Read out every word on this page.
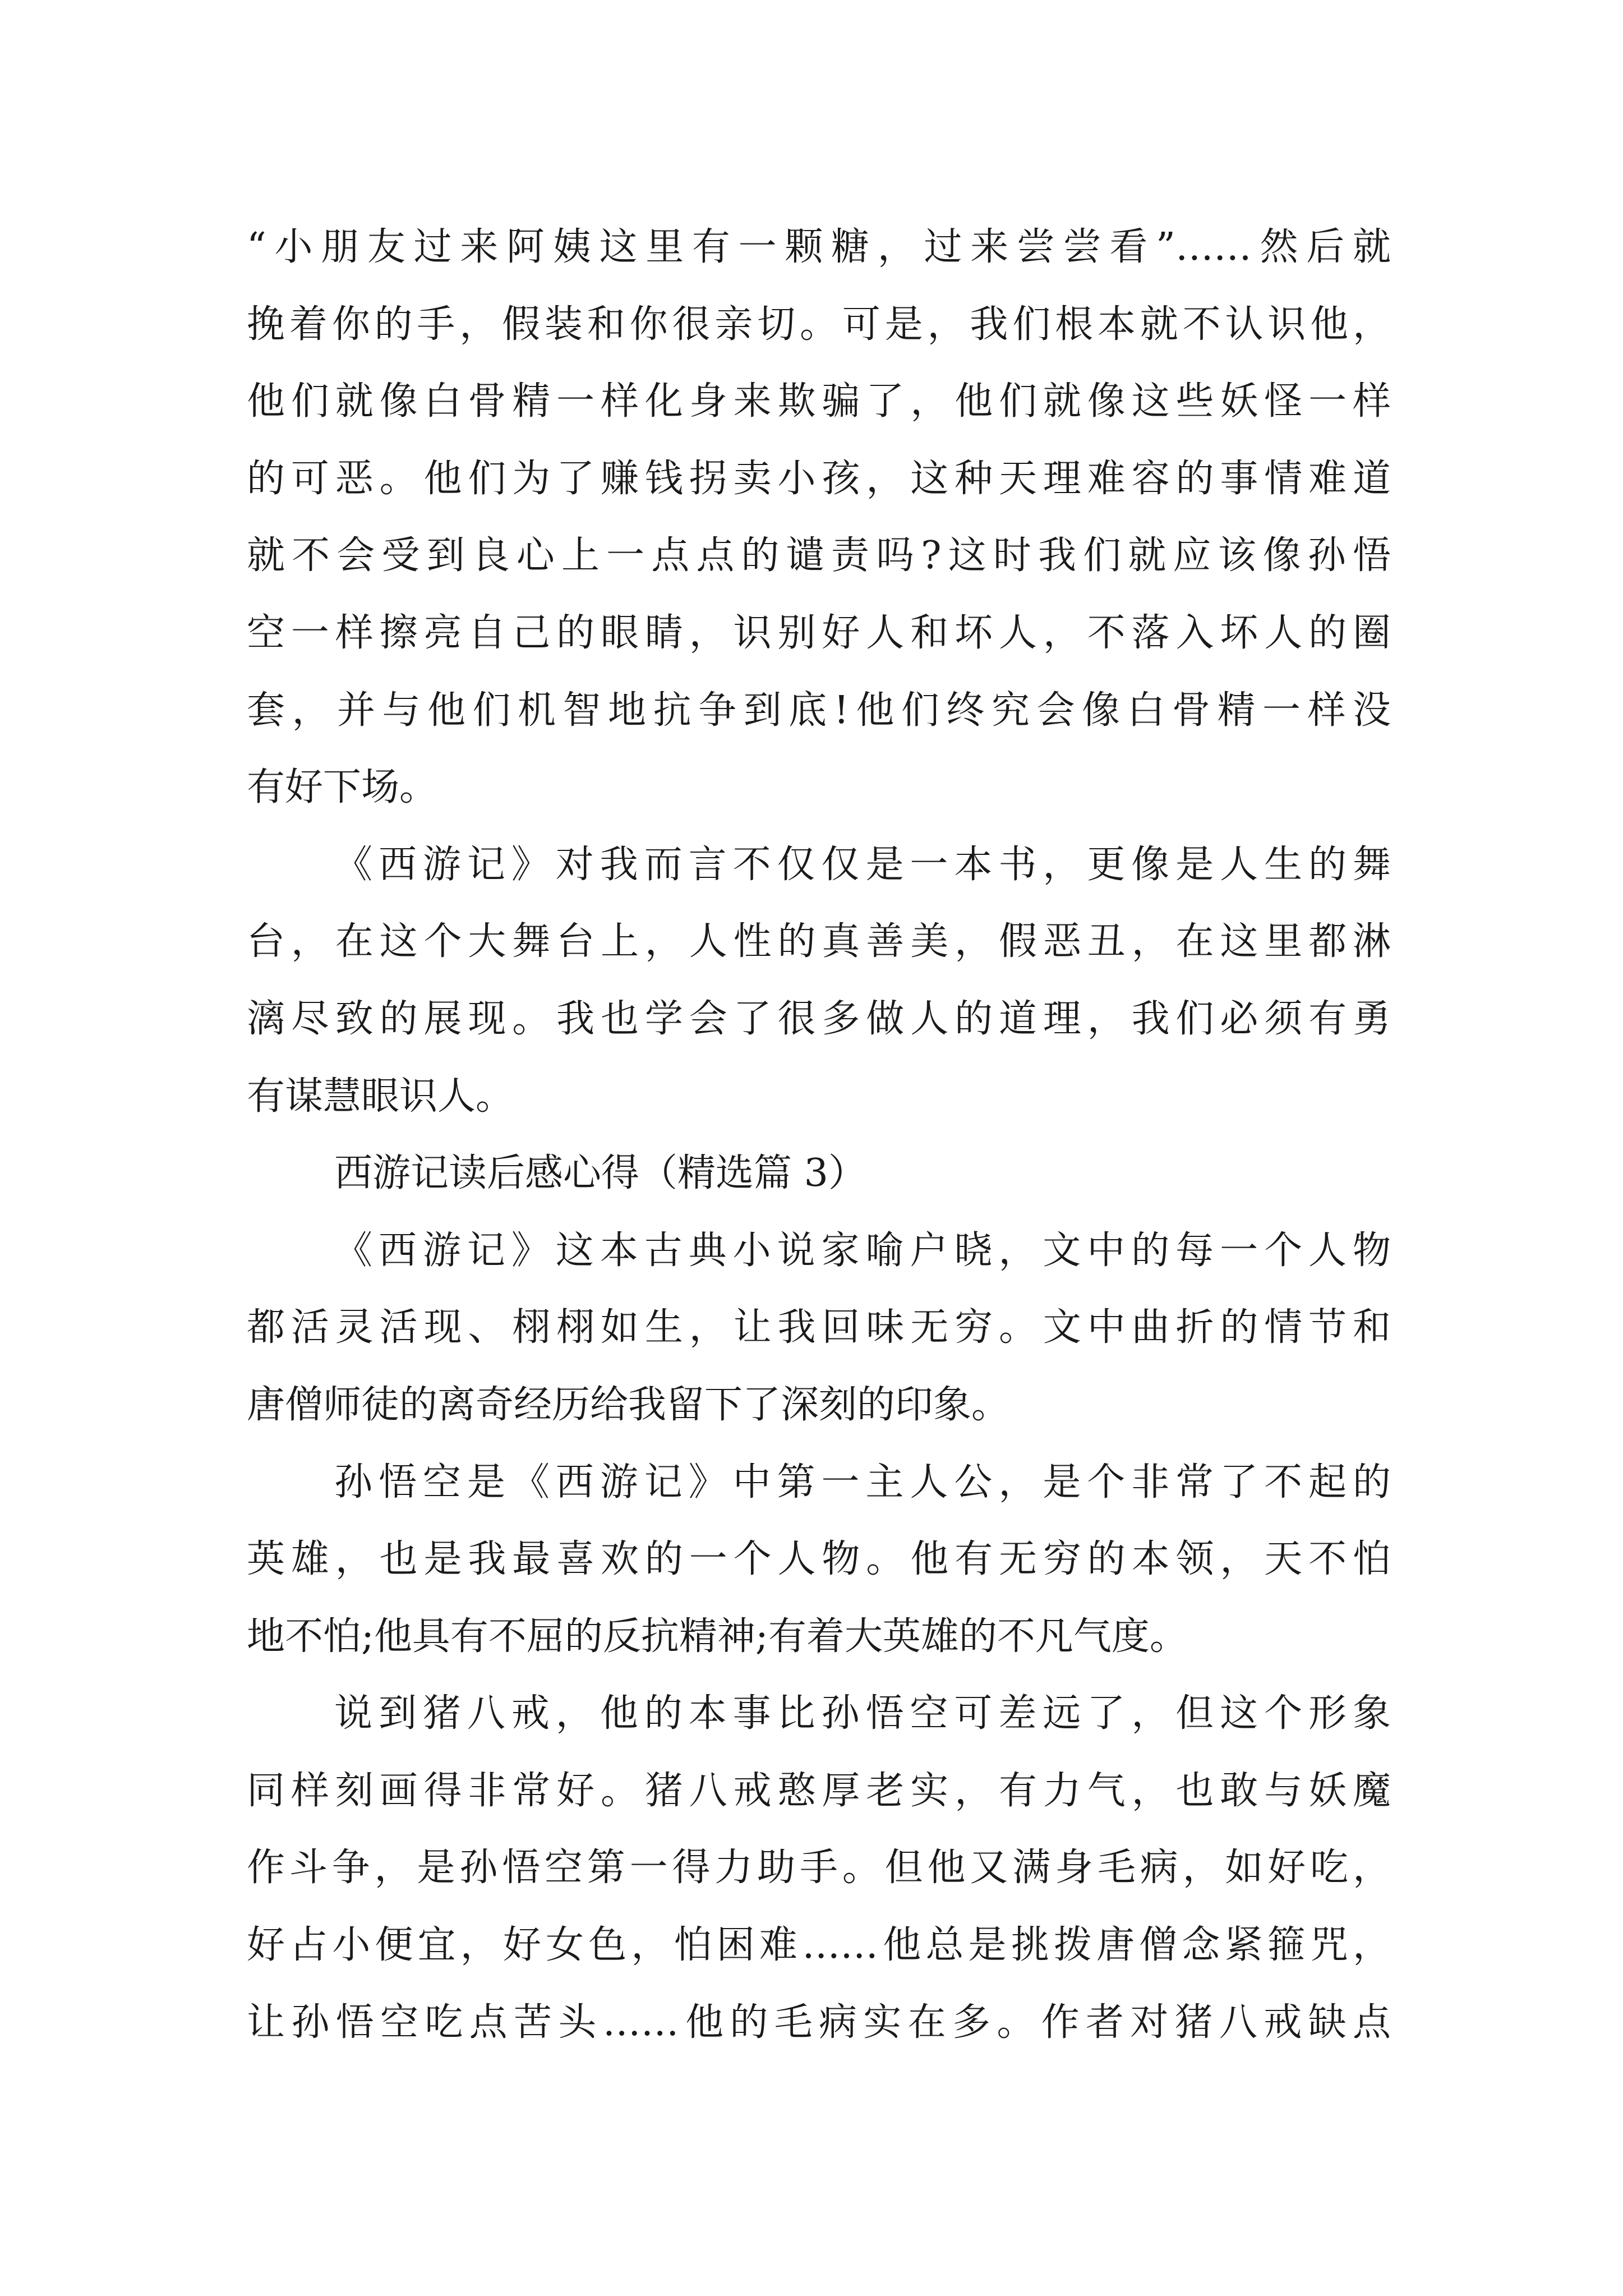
“小朋友过来阿姨这里有一颗糖，过来尝尝看”……然后就
挽着你的手，假装和你很亲切。可是，我们根本就不认识他，
他们就像白骨精一样化身来欺骗了，他们就像这些妖怪一样
的可恶。他们为了赚钱拐卖小孩，这种天理难容的事情难道
就不会受到良心上一点点的谴责吗?这时我们就应该像孙悟
空一样擦亮自己的眼睛，识别好人和坏人，不落入坏人的圈
套，并与他们机智地抗争到底!他们终究会像白骨精一样没
有好下场。
《西游记》对我而言不仅仅是一本书，更像是人生的舞
台，在这个大舞台上，人性的真善美，假恶丑，在这里都淋
漓尽致的展现。我也学会了很多做人的道理，我们必须有勇
有谋慧眼识人。
西游记读后感心得（精选篇 3）
《西游记》这本古典小说家喻户晓，文中的每一个人物
都活灵活现、栩栩如生，让我回味无穷。文中曲折的情节和
唐僧师徒的离奇经历给我留下了深刻的印象。
孙悟空是《西游记》中第一主人公，是个非常了不起的
英雄，也是我最喜欢的一个人物。他有无穷的本领，天不怕
地不怕;他具有不屈的反抗精神;有着大英雄的不凡气度。
说到猪八戒，他的本事比孙悟空可差远了，但这个形象
同样刻画得非常好。猪八戒憨厚老实，有力气，也敢与妖魔
作斗争，是孙悟空第一得力助手。但他又满身毛病，如好吃，
好占小便宜，好女色，怕困难……他总是挑拨唐僧念紧箍咒，
让孙悟空吃点苦头……他的毛病实在多。作者对猪八戒缺点
